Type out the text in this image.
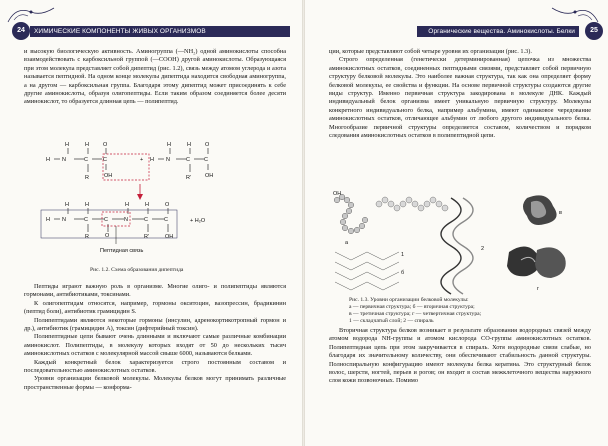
24	ХИМИЧЕСКИЕ КОМПОНЕНТЫ ЖИВЫХ ОРГАНИЗМОВ

и высокую биологическую активность. Аминогруппа (—NH₂) одной аминокислоты способна взаимодействовать с карбоксильной группой (—COOH) другой аминокислоты. Образующаяся при этом молекула представляет собой дипептид (рис. 1.2), связь между атомом углерода и азота называется пептидной. На одном конце молекулы дипептида находится свободная аминогруппа, а на другом — карбоксильная группа. Благодаря этому дипептид может присоединять к себе другие аминокислоты, образуя олигопептиды. Если таким образом соединяется более десяти аминокислот, то образуется длинная цепь — полипептид.

H N	C	C
H	H
R
O
OH
+ H N	C	C
H	H
R'
O
OH
H N	C	C	N	C	C
H	H
R	O
H	H
R'
O
OH
+ H₂O
Пептидная связь
Рис. 1.2. Схема образования дипептида

Пептиды играют важную роль в организме. Многие олиго- и полипептиды являются гормонами, антибиотиками, токсинами.

К олигопептидам относятся, например, гормоны окситоцин, вазопрессин, брадикинин (пептид боли), антибиотик грамицидин S.

Полипептидами являются некоторые гормоны (инсулин, адренокортикотропный гормон и др.), антибиотик (грамицидин А), токсин (дифтерийный токсин).

Полипептидные цепи бывают очень длинными и включают самые различные комбинации аминокислот. Полипептиды, в молекулу которых входят от 50 до нескольких тысяч аминокислотных остатков с молекулярной массой свыше 6000, называются белками.

Каждый конкретный белок характеризуется строго постоянным составом и последовательностью аминокислотных остатков.

Уровни организации белковой молекулы. Молекулы белков могут принимать различные пространственные формы — конформа-

Органические вещества. Аминокислоты. Белки	25

ции, которые представляют собой четыре уровня их организации (рис. 1.3).

Строго определенная (генетически детерминированная) цепочка из множества аминокислотных остатков, соединенных пептидными связями, представляет собой первичную структуру белковой молекулы. Это наиболее важная структура, так как она определяет форму белковой молекулы, ее свойства и функции. На основе первичной структуры создаются другие виды структур. Именно первичная структура закодирована в молекуле ДНК. Каждый индивидуальный белок организма имеет уникальную первичную структуру. Молекулы конкретного индивидуального белка, например альбумина, имеют одинаковое чередование аминокислотных остатков, отличающее альбумин от любого другого индивидуального белка. Многообразие первичной структуры определяется составом, количеством и порядком следования аминокислотных остатков в полипептидной цепи.

OH
а
б
1
2
в
г
Рис. 1.3. Уровни организации белковой молекулы:
а — первичная структура; б — вторичная структура;
в — третичная структура; г — четвертичная структура;
1 — складчатый слой; 2 — спираль

Вторичная структура белков возникает в результате образования водородных связей между атомом водорода NH-группы и атомом кислорода CO-группы аминокислотных остатков. Полипептидная цепь при этом закручивается в спираль. Хотя водородные связи слабые, но благодаря их значительному количеству, они обеспечивают стабильность данной структуры. Полноспиральную конфигурацию имеют молекулы белка кератина. Это структурный белок волос, шерсти, ногтей, перьев и рогов; он входит в состав межклеточного вещества наружного слоя кожи позвоночных. Помимо
